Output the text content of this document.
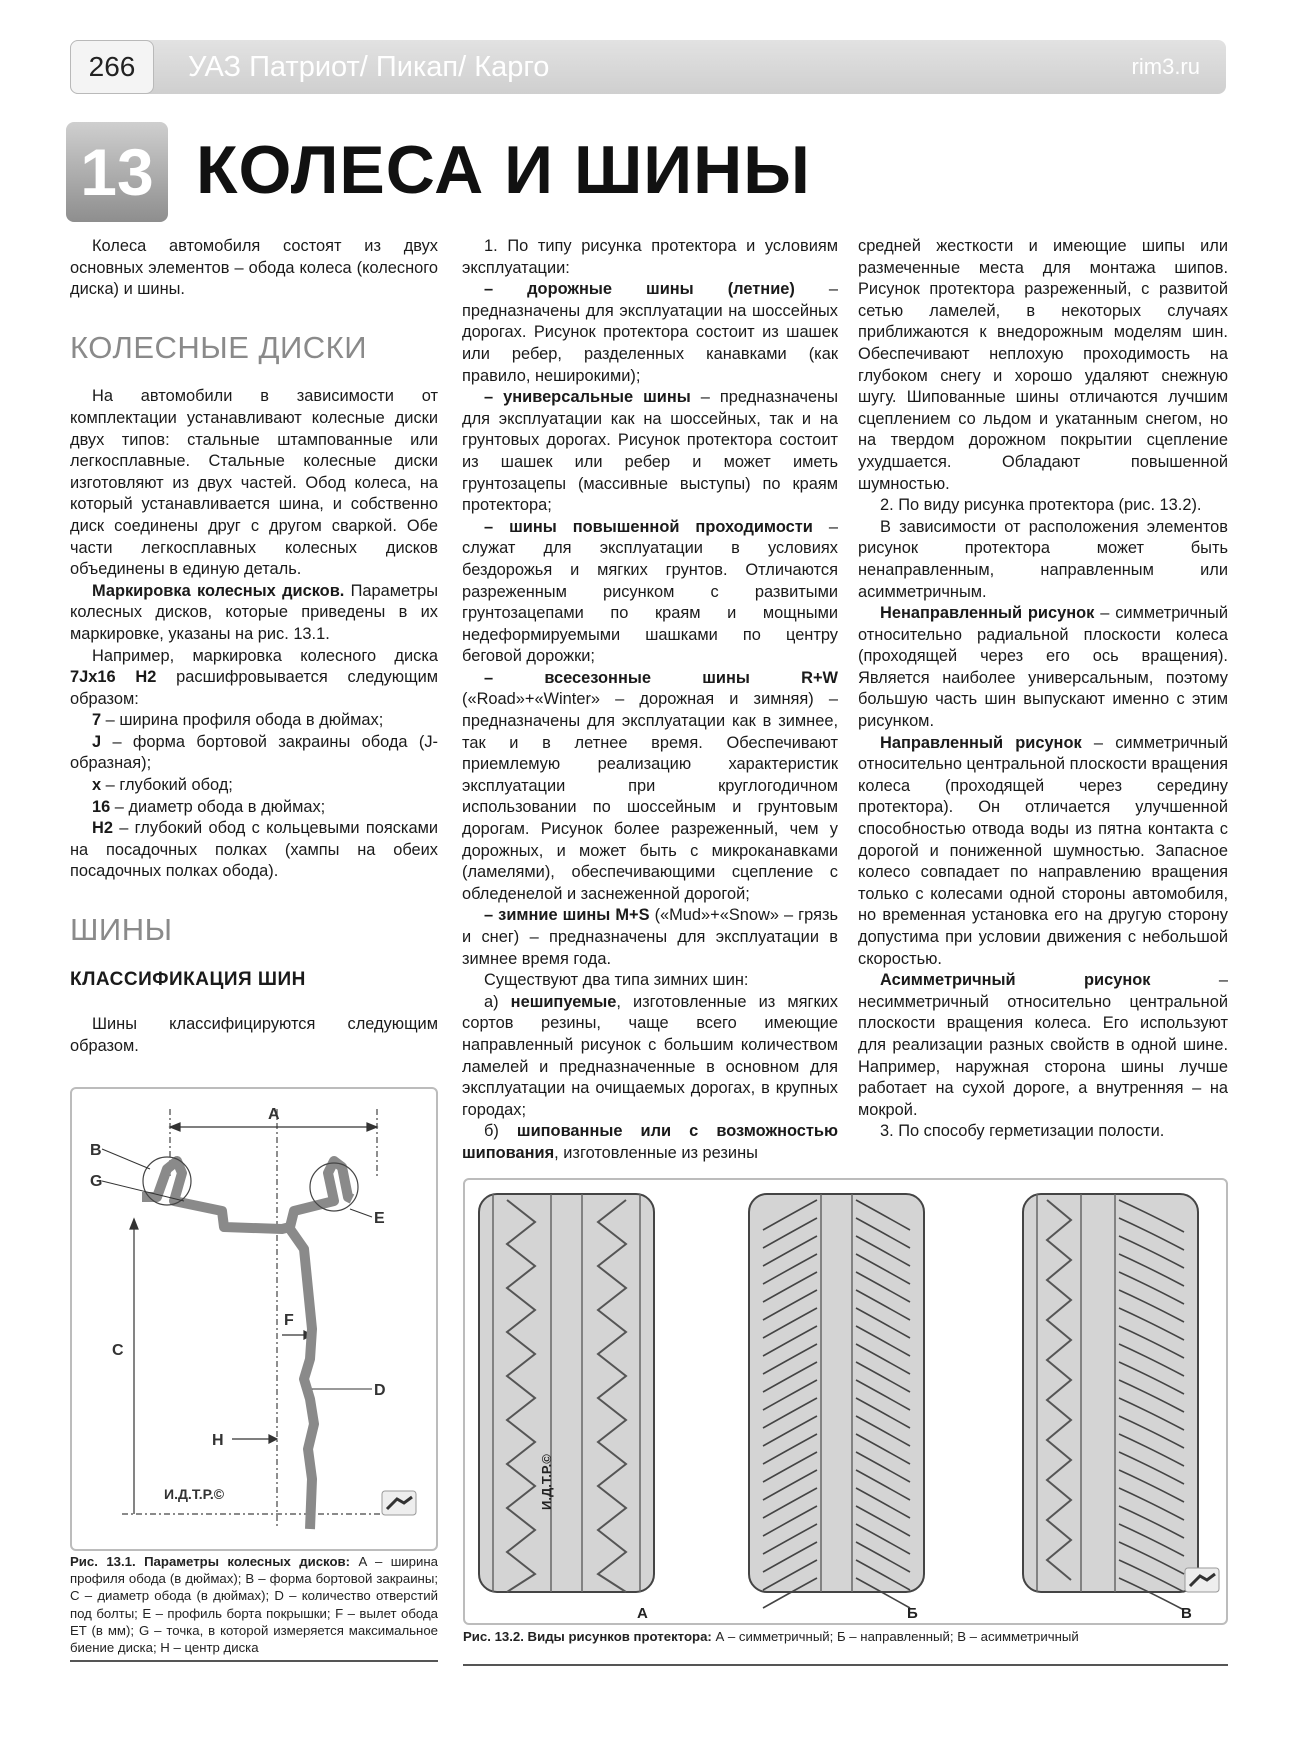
266	УАЗ Патриот/ Пикап/ Карго	rim3.ru
13 КОЛЕСА И ШИНЫ

Колеса автомобиля состоят из двух основных элементов – обода колеса (колесного диска) и шины.

КОЛЕСНЫЕ ДИСКИ

На автомобили в зависимости от комплектации устанавливают колесные диски двух типов: стальные штампованные или легкосплавные. Стальные колесные диски изготовляют из двух частей. Обод колеса, на который устанавливается шина, и собственно диск соединены друг с другом сваркой. Обе части легкосплавных колесных дисков объединены в единую деталь.

Маркировка колесных дисков. Параметры колесных дисков, которые приведены в их маркировке, указаны на рис. 13.1.

Например, маркировка колесного диска 7Jx16 H2 расшифровывается следующим образом:

7 – ширина профиля обода в дюймах;

J – форма бортовой закраины обода (J-образная);

x – глубокий обод;

16 – диаметр обода в дюймах;

H2 – глубокий обод с кольцевыми поясками на посадочных полках (хампы на обеих посадочных полках обода).

ШИНЫ
КЛАССИФИКАЦИЯ ШИН

Шины классифицируются следующим образом.

1. По типу рисунка протектора и условиям эксплуатации:

– дорожные шины (летние) – предназначены для эксплуатации на шоссейных дорогах. Рисунок протектора состоит из шашек или ребер, разделенных канавками (как правило, неширокими);

– универсальные шины – предназначены для эксплуатации как на шоссейных, так и на грунтовых дорогах. Рисунок протектора состоит из шашек или ребер и может иметь грунтозацепы (массивные выступы) по краям протектора;

– шины повышенной проходимости – служат для эксплуатации в условиях бездорожья и мягких грунтов. Отличаются разреженным рисунком с развитыми грунтозацепами по краям и мощными недеформируемыми шашками по центру беговой дорожки;

– всесезонные шины R+W («Road»+«Winter» – дорожная и зимняя) – предназначены для эксплуатации как в зимнее, так и в летнее время. Обеспечивают приемлемую реализацию характеристик эксплуатации при круглогодичном использовании по шоссейным и грунтовым дорогам. Рисунок более разреженный, чем у дорожных, и может быть с микроканавками (ламелями), обеспечивающими сцепление с обледенелой и заснеженной дорогой;

– зимние шины M+S («Mud»+«Snow» – грязь и снег) – предназначены для эксплуатации в зимнее время года.

Существуют два типа зимних шин:

а) нешипуемые, изготовленные из мягких сортов резины, чаще всего имеющие направленный рисунок с большим количеством ламелей и предназначенные в основном для эксплуатации на очищаемых дорогах, в крупных городах;

б) шипованные или с возможностью шипования, изготовленные из резины

средней жесткости и имеющие шипы или размеченные места для монтажа шипов. Рисунок протектора разреженный, с развитой сетью ламелей, в некоторых случаях приближаются к внедорожным моделям шин. Обеспечивают неплохую проходимость на глубоком снегу и хорошо удаляют снежную шугу. Шипованные шины отличаются лучшим сцеплением со льдом и укатанным снегом, но на твердом дорожном покрытии сцепление ухудшается. Обладают повышенной шумностью.

2. По виду рисунка протектора (рис. 13.2).

В зависимости от расположения элементов рисунок протектора может быть ненаправленным, направленным или асимметричным.

Ненаправленный рисунок – симметричный относительно радиальной плоскости колеса (проходящей через его ось вращения). Является наиболее универсальным, поэтому большую часть шин выпускают именно с этим рисунком.

Направленный рисунок – симметричный относительно центральной плоскости вращения колеса (проходящей через середину протектора). Он отличается улучшенной способностью отвода воды из пятна контакта с дорогой и пониженной шумностью. Запасное колесо совпадает по направлению вращения только с колесами одной стороны автомобиля, но временная установка его на другую сторону допустима при условии движения с небольшой скоростью.

Асимметричный рисунок – несимметричный относительно центральной плоскости вращения колеса. Его используют для реализации разных свойств в одной шине. Например, наружная сторона шины лучше работает на сухой дороге, а внутренняя – на мокрой.

3. По способу герметизации полости.

B
G
A
E
F
C
D
H
И.Д.Т.Р.©
Рис. 13.1. Параметры колесных дисков: A – ширина профиля обода (в дюймах); B – форма бортовой закраины; C – диаметр обода (в дюймах); D – количество отверстий под болты; E – профиль борта покрышки; F – вылет обода ET (в мм); G – точка, в которой измеряется максимальное биение диска; H – центр диска
И.Д.Т.Р.©
А	Б	В
Рис. 13.2. Виды рисунков протектора: А – симметричный; Б – направленный; В – асимметричный
